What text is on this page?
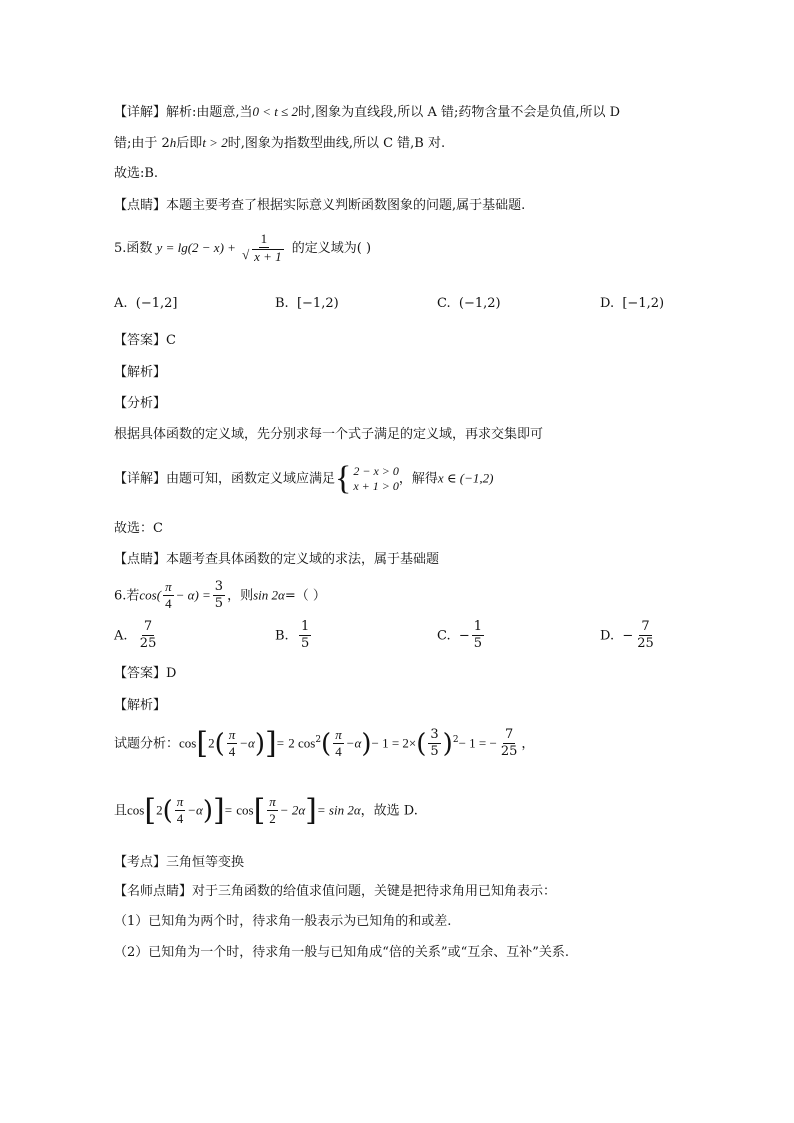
【详解】解析:由题意,当0 < t ≤ 2时,图象为直线段,所以 A 错;药物含量不会是负值,所以 D
错;由于 2h后即t > 2时,图象为指数型曲线,所以 C 错,B 对.
故选:B.
【点睛】本题主要考查了根据实际意义判断函数图象的问题,属于基础题.
5.函数 y = lg(2 − x) + 1
√ x + 1 的定义域为( )
A. (−1,2]	B. [−1,2)	C. (−1,2)	D. [−1,2)
【答案】C
【解析】
【分析】
根据具体函数的定义域，先分别求每一个式子满足的定义域，再求交集即可
【详解】由题可知，函数定义域应满足 { 2 − x > 0
x + 1 > 0 ，解得x ∈ (−1,2)
故选：C
【点睛】本题考查具体函数的定义域的求法，属于基础题
6.若$\cos( \frac{\pi}{4} - \alpha) = \frac{3}{5}$ ，则sin 2α=（ ）
A. $\frac{7}{25}$	B. $\frac{1}{5}$	C. − $\frac{1}{5}$	D. − $\frac{7}{25}$
【答案】D
【解析】
试题分析：$\cos[2( \frac{\pi}{4} -\alpha)]= 2$ $\cos^2( \frac{\pi}{4} -\alpha)- 1 = 2\times( \frac{3}{5} )^2- 1$ = − $\frac{7}{25}$ ，
且$\cos[2( \frac{\pi}{4} -\alpha)]= \cos[ \frac{\pi}{2} - 2\alpha]= \sin 2\alpha$，故选 D.
【考点】三角恒等变换
【名师点睛】对于三角函数的给值求值问题，关键是把待求角用已知角表示：
（1）已知角为两个时，待求角一般表示为已知角的和或差.
（2）已知角为一个时，待求角一般与已知角成“倍的关系”或“互余、互补”关系.
